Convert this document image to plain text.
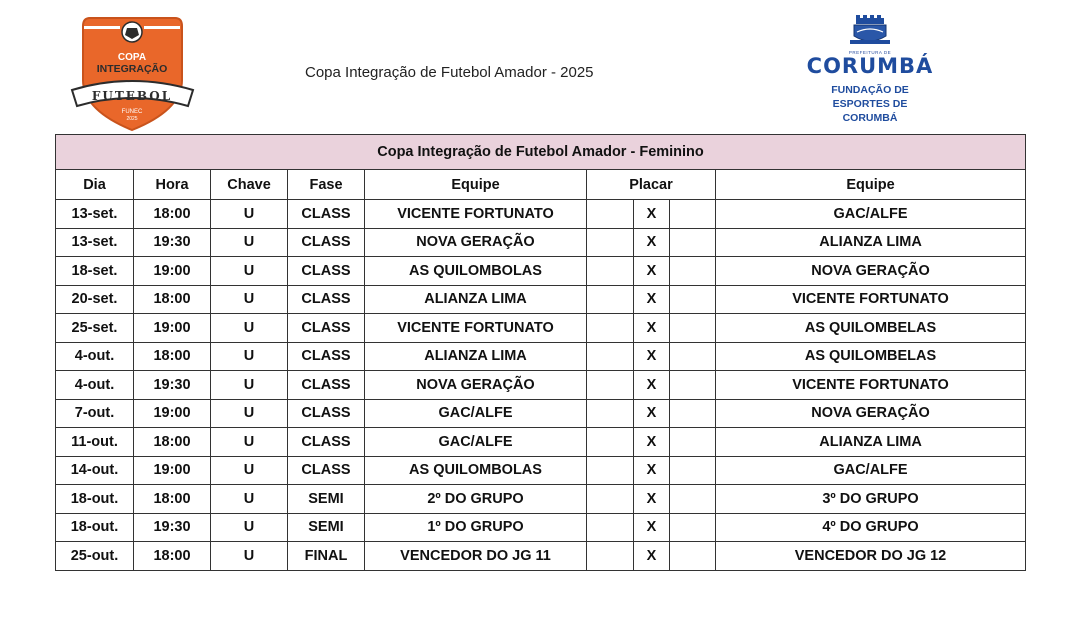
COPA
INTEGRAÇÃO
FUTEBOL
FUNEC
2025
Copa Integração de Futebol Amador - 2025
PREFEITURA DE
CORUMBÁ
FUNDAÇÃO DE
ESPORTES DE CORUMBÁ
Copa Integração de Futebol Amador - Feminino								
Dia	Hora	Chave	Fase	Equipe	Placar			Equipe
13-set.	18:00	U	CLASS	VICENTE FORTUNATO		X		GAC/ALFE
13-set.	19:30	U	CLASS	NOVA GERAÇÃO		X		ALIANZA LIMA
18-set.	19:00	U	CLASS	AS QUILOMBOLAS		X		NOVA GERAÇÃO
20-set.	18:00	U	CLASS	ALIANZA LIMA		X		VICENTE FORTUNATO
25-set.	19:00	U	CLASS	VICENTE FORTUNATO		X		AS QUILOMBELAS
4-out.	18:00	U	CLASS	ALIANZA LIMA		X		AS QUILOMBELAS
4-out.	19:30	U	CLASS	NOVA GERAÇÃO		X		VICENTE FORTUNATO
7-out.	19:00	U	CLASS	GAC/ALFE		X		NOVA GERAÇÃO
11-out.	18:00	U	CLASS	GAC/ALFE		X		ALIANZA LIMA
14-out.	19:00	U	CLASS	AS QUILOMBOLAS		X		GAC/ALFE
18-out.	18:00	U	SEMI	2º DO GRUPO		X		3º DO GRUPO
18-out.	19:30	U	SEMI	1º DO GRUPO		X		4º DO GRUPO
25-out.	18:00	U	FINAL	VENCEDOR DO JG 11		X		VENCEDOR DO JG 12
